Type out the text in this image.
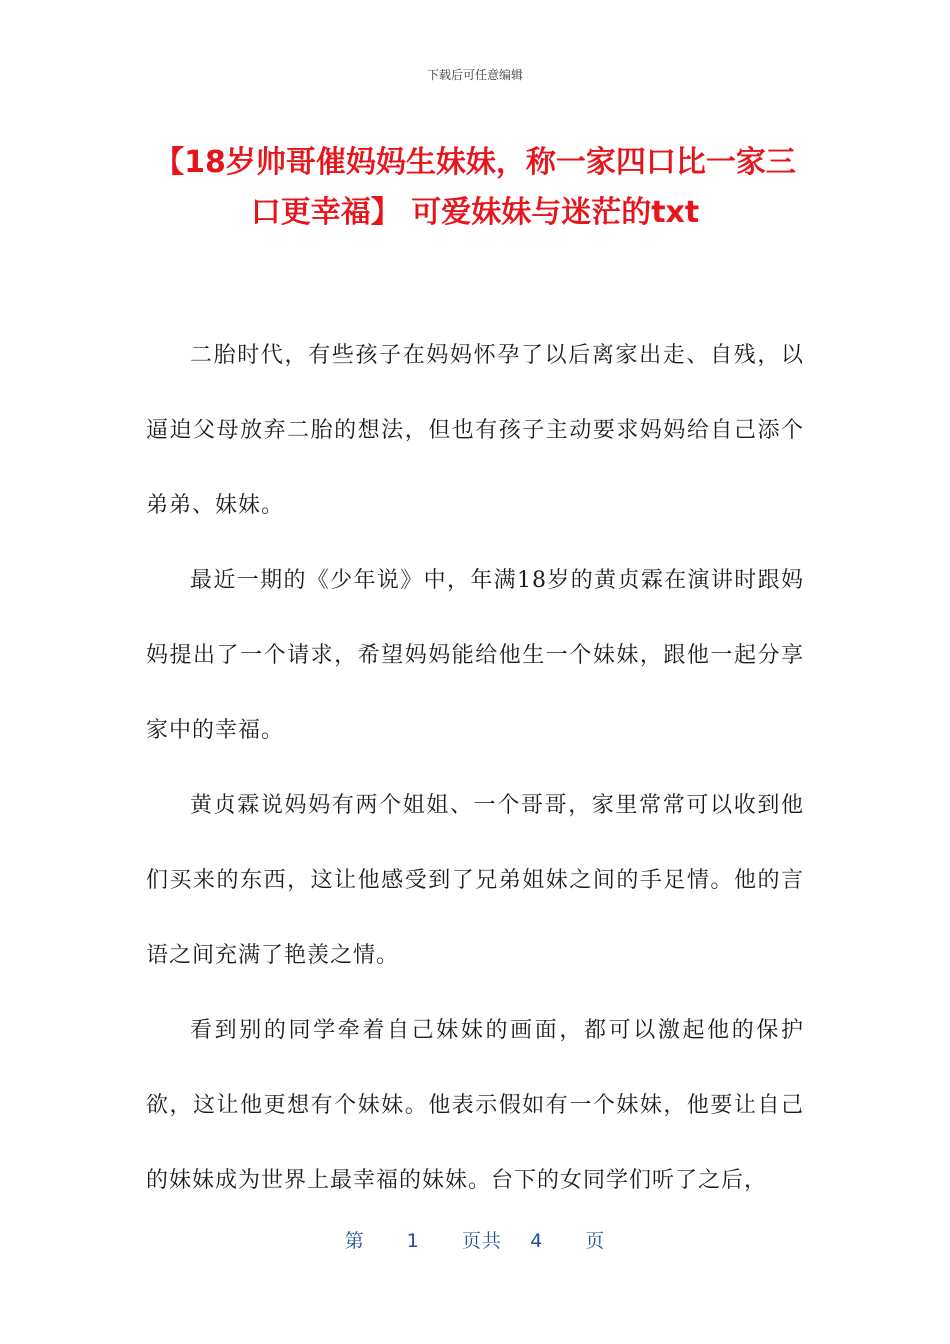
下载后可任意编辑
【18岁帅哥催妈妈生妹妹，称一家四口比一家三口更幸福】 可爱妹妹与迷茫的txt

二胎时代，有些孩子在妈妈怀孕了以后离家出走、自残，以逼迫父母放弃二胎的想法，但也有孩子主动要求妈妈给自己添个弟弟、妹妹。

最近一期的《少年说》中，年满18岁的黄贞霖在演讲时跟妈妈提出了一个请求，希望妈妈能给他生一个妹妹，跟他一起分享家中的幸福。

黄贞霖说妈妈有两个姐姐、一个哥哥，家里常常可以收到他们买来的东西，这让他感受到了兄弟姐妹之间的手足情。他的言语之间充满了艳羡之情。

看到别的同学牵着自己妹妹的画面，都可以激起他的保护欲，这让他更想有个妹妹。他表示假如有一个妹妹，他要让自己的妹妹成为世界上最幸福的妹妹。台下的女同学们听了之后，

第 1 页共 4 页
